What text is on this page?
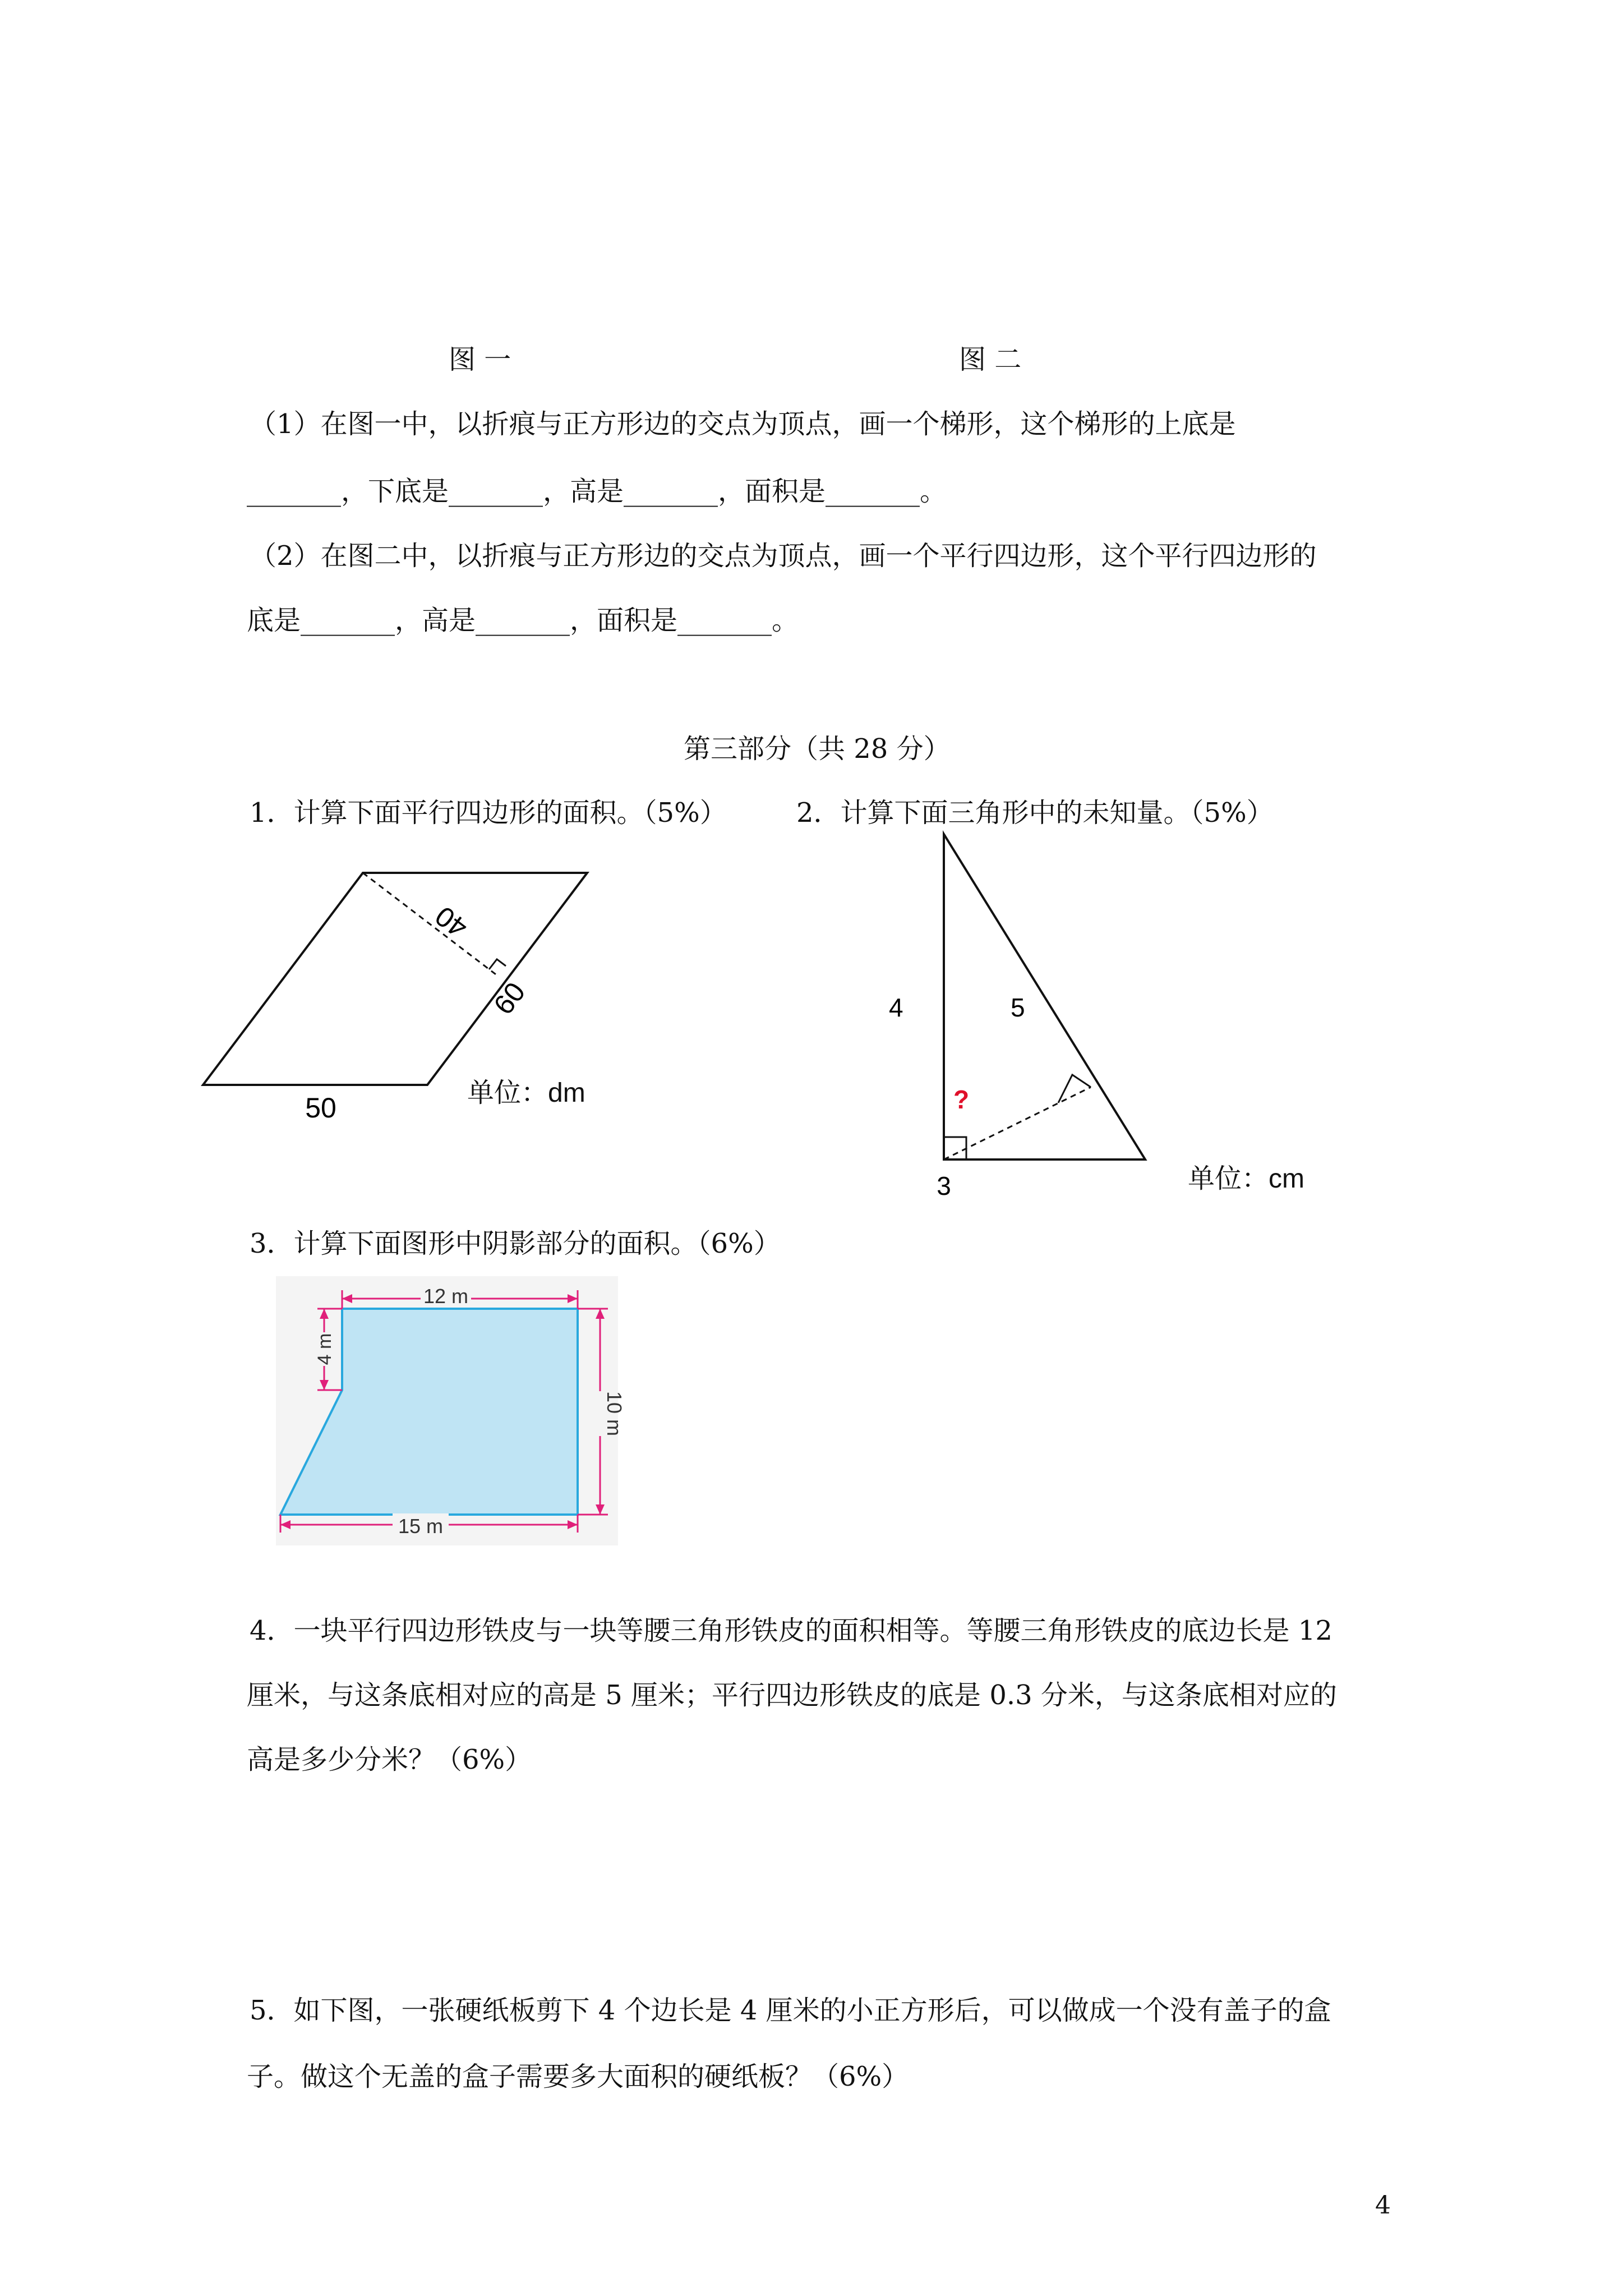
图 一	图 二
（1）在图一中，以折痕与正方形边的交点为顶点，画一个梯形，这个梯形的上底是
_______，下底是_______，高是_______，面积是_______。
（2）在图二中，以折痕与正方形边的交点为顶点，画一个平行四边形，这个平行四边形的
底是_______，高是_______，面积是_______。
第三部分（共 28 分）
1．计算下面平行四边形的面积。（5%）	2．计算下面三角形中的未知量。（5%）
40
60
50	单位：dm
4	5
?
3	单位：cm
3．计算下面图形中阴影部分的面积。（6%）
12 m
4 m
10 m
15 m
4．一块平行四边形铁皮与一块等腰三角形铁皮的面积相等。等腰三角形铁皮的底边长是 12
厘米，与这条底相对应的高是 5 厘米；平行四边形铁皮的底是 0.3 分米，与这条底相对应的
高是多少分米？（6%）
5．如下图，一张硬纸板剪下 4 个边长是 4 厘米的小正方形后，可以做成一个没有盖子的盒
子。做这个无盖的盒子需要多大面积的硬纸板？（6%）
4
